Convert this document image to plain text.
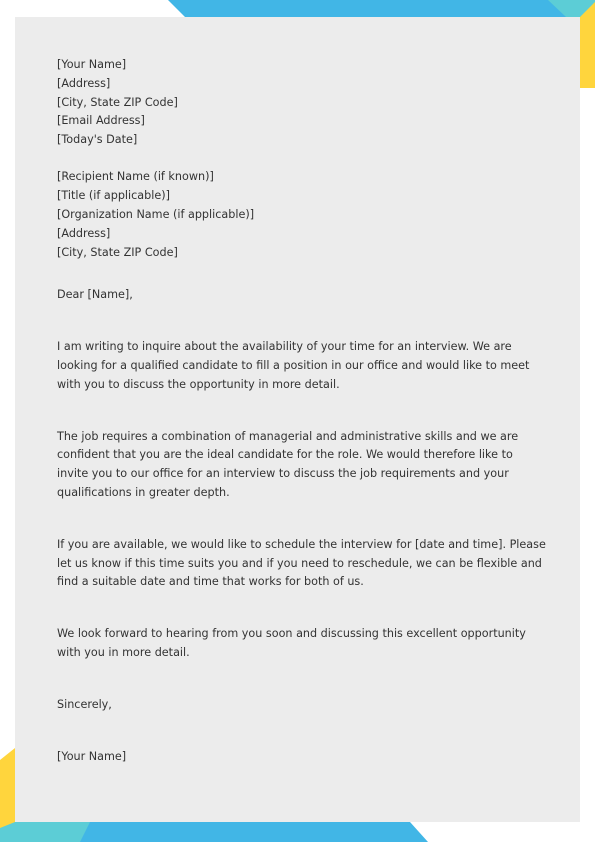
[Your Name]
[Address]
[City, State ZIP Code]
[Email Address]
[Today's Date]
[Recipient Name (if known)]
[Title (if applicable)]
[Organization Name (if applicable)]
[Address]
[City, State ZIP Code]
Dear [Name],

I am writing to inquire about the availability of your time for an interview. We are looking for a qualified candidate to fill a position in our office and would like to meet with you to discuss the opportunity in more detail.

The job requires a combination of managerial and administrative skills and we are confident that you are the ideal candidate for the role. We would therefore like to invite you to our office for an interview to discuss the job requirements and your qualifications in greater depth.

If you are available, we would like to schedule the interview for [date and time]. Please let us know if this time suits you and if you need to reschedule, we can be flexible and find a suitable date and time that works for both of us.

We look forward to hearing from you soon and discussing this excellent opportunity with you in more detail.

Sincerely,
[Your Name]
